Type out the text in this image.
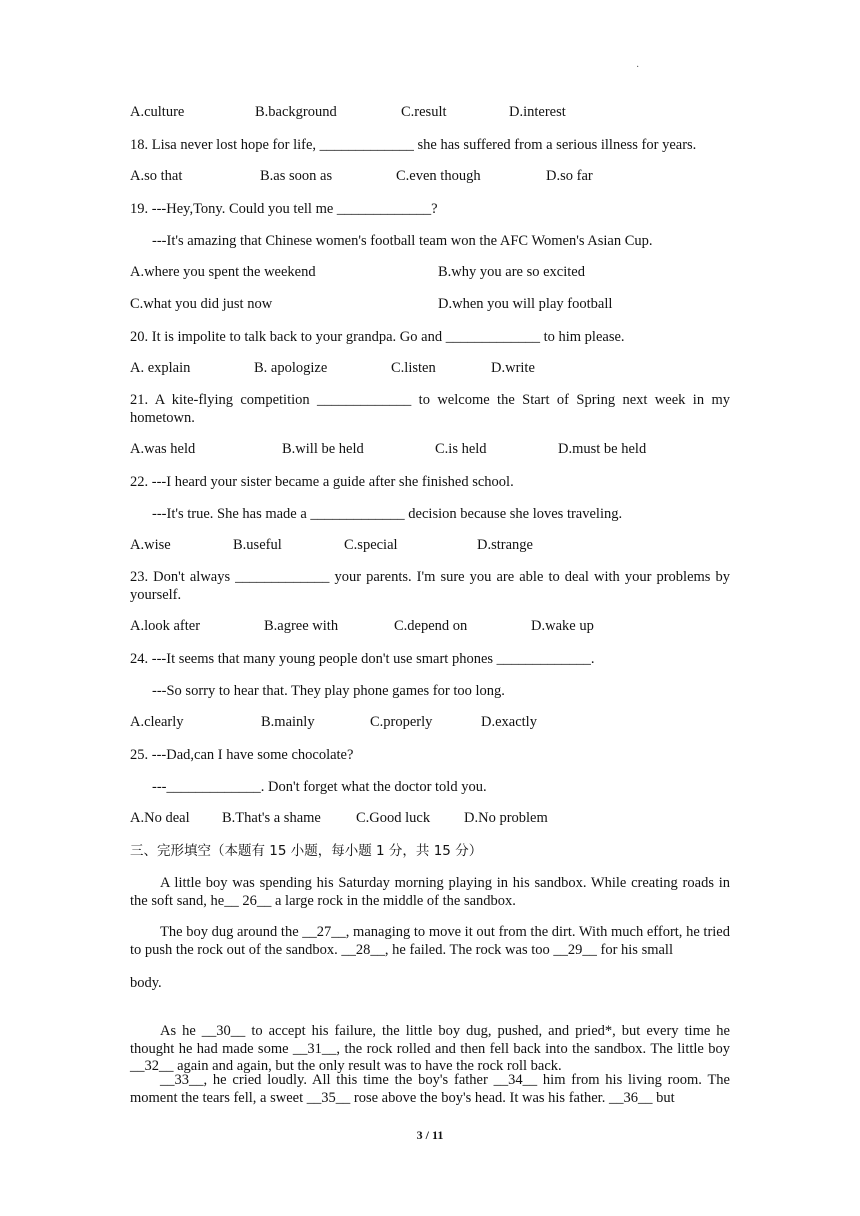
·
A.culture	B.background	C.result	D.interest
18. Lisa never lost hope for life, _____________ she has suffered from a serious illness for years.
A.so that	B.as soon as	C.even though	D.so far
19. ---Hey,Tony. Could you tell me _____________?
---It's amazing that Chinese women's football team won the AFC Women's Asian Cup.
A.where you spent the weekend	B.why you are so excited
C.what you did just now	D.when you will play football
20. It is impolite to talk back to your grandpa. Go and _____________ to him please.
A. explain	B. apologize	C.listen	D.write
21. A kite-flying competition _____________ to welcome the Start of Spring next week in my hometown.
A.was held	B.will be held	C.is held	D.must be held
22. ---I heard your sister became a guide after she finished school.
---It's true. She has made a _____________ decision because she loves traveling.
A.wise	B.useful	C.special	D.strange
23. Don't always _____________ your parents. I'm sure you are able to deal with your problems by yourself.
A.look after	B.agree with	C.depend on	D.wake up
24. ---It seems that many young people don't use smart phones _____________.
---So sorry to hear that. They play phone games for too long.
A.clearly	B.mainly	C.properly	D.exactly
25. ---Dad,can I have some chocolate?
---_____________. Don't forget what the doctor told you.
A.No deal B.That's a shame C.Good luck D.No problem
三、完形填空（本题有 15 小题，每小题 1 分，共 15 分）
A little boy was spending his Saturday morning playing in his sandbox. While creating roads in the soft sand, he__ 26__ a large rock in the middle of the sandbox.
The boy dug around the __27__, managing to move it out from the dirt. With much effort, he tried to push the rock out of the sandbox. __28__, he failed. The rock was too __29__ for his small
body.
As he __30__ to accept his failure, the little boy dug, pushed, and pried*, but every time he thought he had made some __31__, the rock rolled and then fell back into the sandbox. The little boy __32__ again and again, but the only result was to have the rock roll back.
__33__, he cried loudly. All this time the boy's father __34__ him from his living room. The moment the tears fell, a sweet __35__ rose above the boy's head. It was his father. __36__ but
3 / 11
